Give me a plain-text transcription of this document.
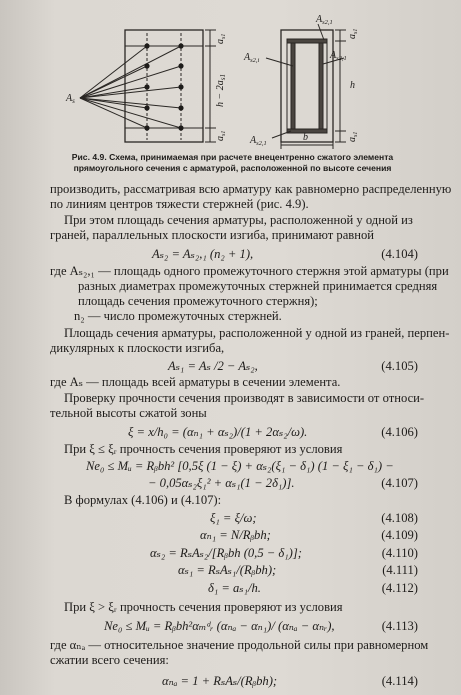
$A_s$	$h - 2a_{s1}$
$a_{s1}$
$a_{s1}$
$A_{s2,1}$
$A_{s2,i}$	$A_{s2,1}$
$A_{s2,1}$
h
b
$a_{s1}$
$a_{s1}$
Рис. 4.9. Схема, принимаемая при расчете внецентренно сжатого элемента прямоугольного сечения с арматурой, расположенной по высоте сечения
производить, рассматривая всю арматуру как равномерно распределенную
по линиям центров тяжести стержней (рис. 4.9).
При этом площадь сечения арматуры, расположенной у одной из
граней, параллельных плоскости изгиба, принимают равной
Aₛ₂ = Aₛ₂,₁ (n₂ + 1),	(4.104)
где Aₛ₂,₁ — площадь одного промежуточного стержня этой арматуры (при
разных диаметрах промежуточных стержней принимается средняя
площадь сечения промежуточного стержня);
n₂ — число промежуточных стержней.
Площадь сечения арматуры, расположенной у одной из граней, перпен-
дикулярных к плоскости изгиба,
Aₛ₁ = Aₛ /2 − Aₛ₂,	(4.105)
где Aₛ — площадь всей арматуры в сечении элемента.
Проверку прочности сечения производят в зависимости от относи-
тельной высоты сжатой зоны
ξ = x/h₀ = (αₙ₁ + αₛ₂)/(1 + 2αₛ₂/ω).	(4.106)
При ξ ≤ ξᵣ прочность сечения проверяют из условия
Ne₀ ≤ Mᵤ = Rᵦbh² [0,5ξ (1 − ξ) + αₛ₂(ξ₁ − δ₁) (1 − ξ₁ − δ₁) −
− 0,05αₛ₂ξ₁² + αₛ₁(1 − 2δ₁)].	(4.107)
В формулах (4.106) и (4.107):
ξ₁ = ξ/ω;	(4.108)
αₙ₁ = N/Rᵦbh;	(4.109)
αₛ₂ = RₛAₛ₂/[Rᵦbh (0,5 − δ₁)];	(4.110)
αₛ₁ = RₛAₛ₁/(Rᵦbh);	(4.111)
δ₁ = aₛ₁/h.	(4.112)
При ξ > ξᵣ прочность сечения проверяют из условия
Ne₀ ≤ Mᵤ = Rᵦbh²αₘᵈᵣ (αₙₐ − αₙ₁)/ (αₙₐ − αₙᵣ),	(4.113)
где αₙₐ — относительное значение продольной силы при равномерном
сжатии всего сечения:
αₙₐ = 1 + RₛAₛ/(Rᵦbh);	(4.114)
